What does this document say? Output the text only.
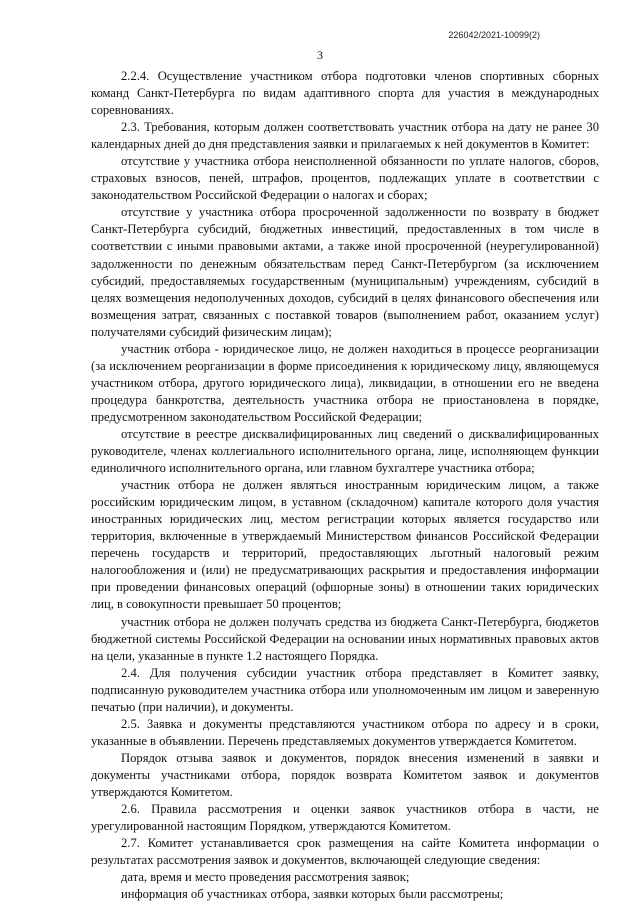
226042/2021-10099(2)
3

2.2.4. Осуществление участником отбора подготовки членов спортивных сборных команд Санкт-Петербурга по видам адаптивного спорта для участия в международных соревнованиях.

2.3. Требования, которым должен соответствовать участник отбора на дату не ранее 30 календарных дней до дня представления заявки и прилагаемых к ней документов в Комитет:

отсутствие у участника отбора неисполненной обязанности по уплате налогов, сборов, страховых взносов, пеней, штрафов, процентов, подлежащих уплате в соответствии с законодательством Российской Федерации о налогах и сборах;

отсутствие у участника отбора просроченной задолженности по возврату в бюджет Санкт-Петербурга субсидий, бюджетных инвестиций, предоставленных в том числе в соответствии с иными правовыми актами, а также иной просроченной (неурегулированной) задолженности по денежным обязательствам перед Санкт-Петербургом (за исключением субсидий, предоставляемых государственным (муниципальным) учреждениям, субсидий в целях возмещения недополученных доходов, субсидий в целях финансового обеспечения или возмещения затрат, связанных с поставкой товаров (выполнением работ, оказанием услуг) получателями субсидий физическим лицам);

участник отбора - юридическое лицо, не должен находиться в процессе реорганизации (за исключением реорганизации в форме присоединения к юридическому лицу, являющемуся участником отбора, другого юридического лица), ликвидации, в отношении его не введена процедура банкротства, деятельность участника отбора не приостановлена в порядке, предусмотренном законодательством Российской Федерации;

отсутствие в реестре дисквалифицированных лиц сведений о дисквалифицированных руководителе, членах коллегиального исполнительного органа, лице, исполняющем функции единоличного исполнительного органа, или главном бухгалтере участника отбора;

участник отбора не должен являться иностранным юридическим лицом, а также российским юридическим лицом, в уставном (складочном) капитале которого доля участия иностранных юридических лиц, местом регистрации которых является государство или территория, включенные в утверждаемый Министерством финансов Российской Федерации перечень государств и территорий, предоставляющих льготный налоговый режим налогообложения и (или) не предусматривающих раскрытия и предоставления информации при проведении финансовых операций (офшорные зоны) в отношении таких юридических лиц, в совокупности превышает 50 процентов;

участник отбора не должен получать средства из бюджета Санкт-Петербурга, бюджетов бюджетной системы Российской Федерации на основании иных нормативных правовых актов на цели, указанные в пункте 1.2 настоящего Порядка.

2.4. Для получения субсидии участник отбора представляет в Комитет заявку, подписанную руководителем участника отбора или уполномоченным им лицом и заверенную печатью (при наличии), и документы.

2.5. Заявка и документы представляются участником отбора по адресу и в сроки, указанные в объявлении. Перечень представляемых документов утверждается Комитетом.

Порядок отзыва заявок и документов, порядок внесения изменений в заявки и документы участниками отбора, порядок возврата Комитетом заявок и документов утверждаются Комитетом.

2.6. Правила рассмотрения и оценки заявок участников отбора в части, не урегулированной настоящим Порядком, утверждаются Комитетом.

2.7. Комитет устанавливается срок размещения на сайте Комитета информации о результатах рассмотрения заявок и документов, включающей следующие сведения:

дата, время и место проведения рассмотрения заявок;

информация об участниках отбора, заявки которых были рассмотрены;
